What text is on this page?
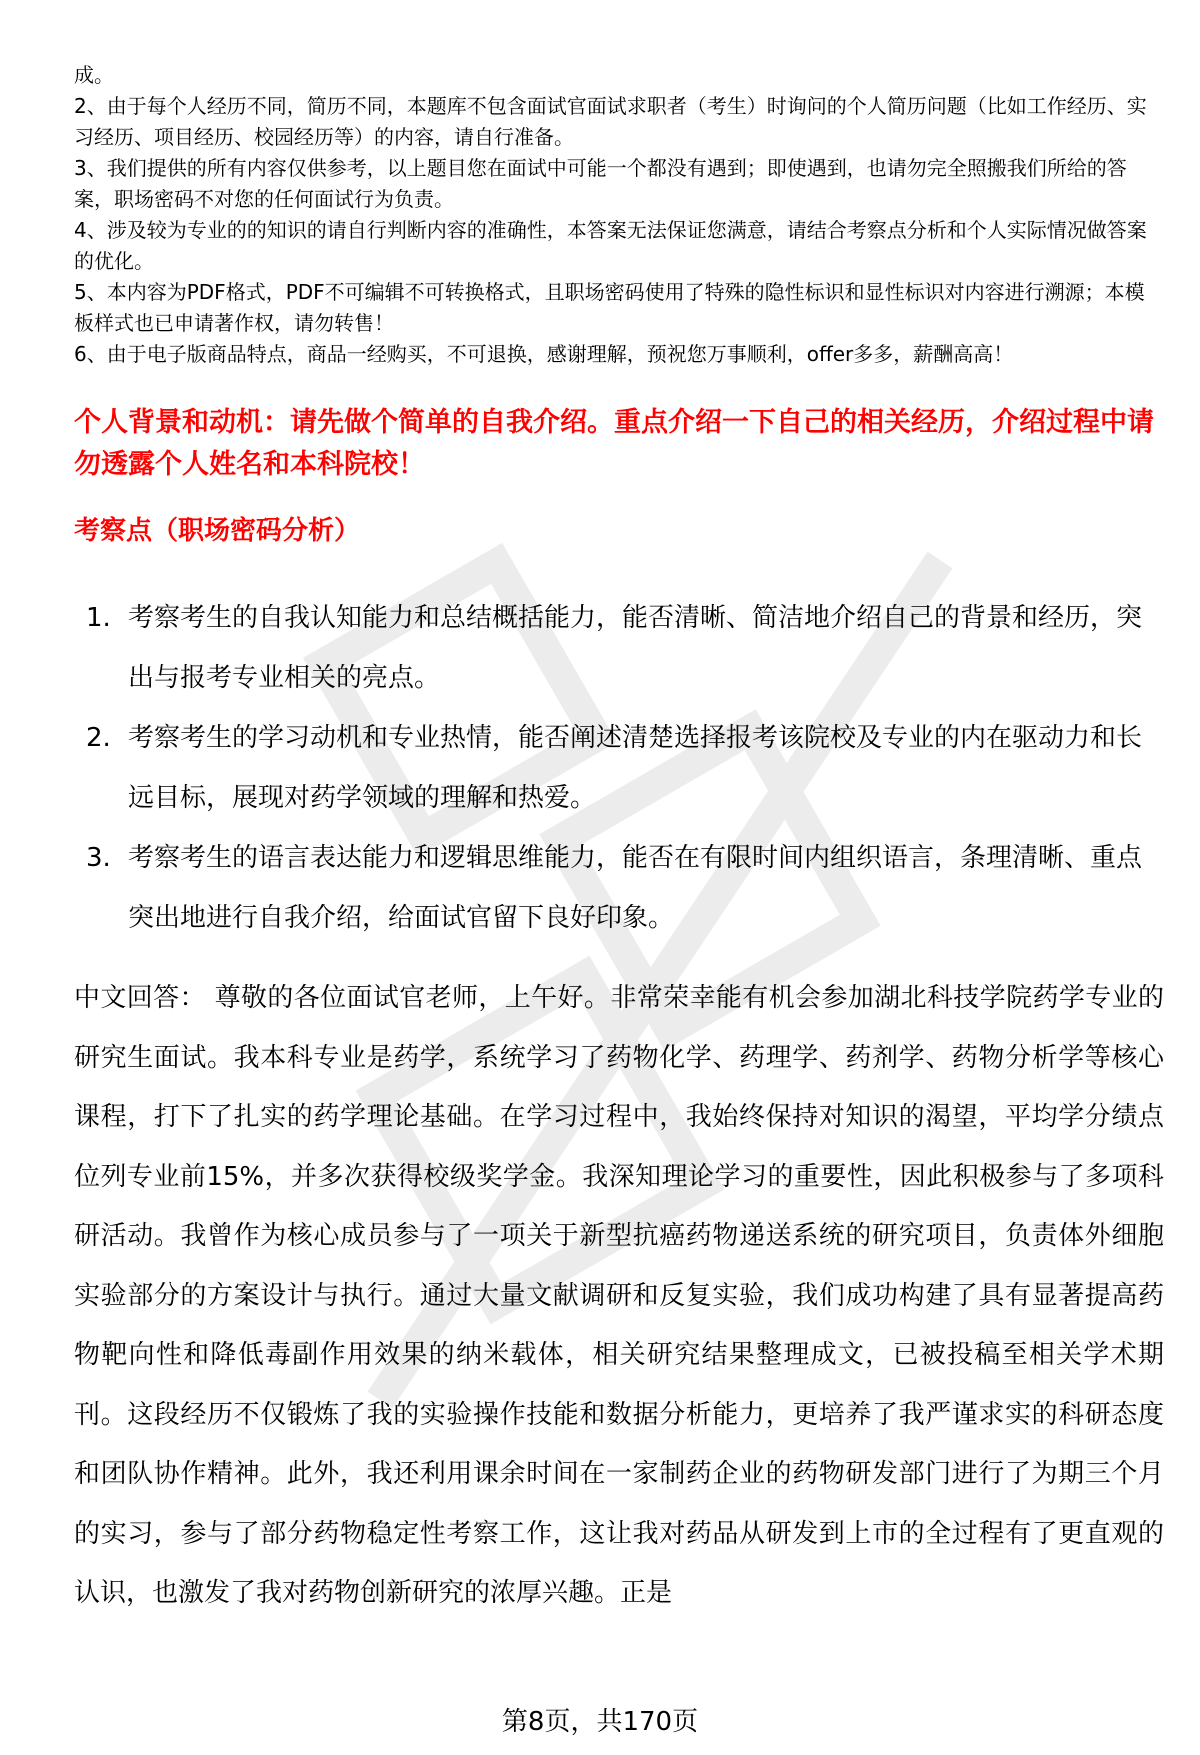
成。

2、由于每个人经历不同，简历不同，本题库不包含面试官面试求职者（考生）时询问的个人简历问题（比如工作经历、实习经历、项目经历、校园经历等）的内容，请自行准备。

3、我们提供的所有内容仅供参考，以上题目您在面试中可能一个都没有遇到；即使遇到，也请勿完全照搬我们所给的答案，职场密码不对您的任何面试行为负责。

4、涉及较为专业的的知识的请自行判断内容的准确性，本答案无法保证您满意，请结合考察点分析和个人实际情况做答案的优化。

5、本内容为PDF格式，PDF不可编辑不可转换格式，且职场密码使用了特殊的隐性标识和显性标识对内容进行溯源；本模板样式也已申请著作权，请勿转售！

6、由于电子版商品特点，商品一经购买，不可退换，感谢理解，预祝您万事顺利，offer多多，薪酬高高！

个人背景和动机：请先做个简单的自我介绍。重点介绍一下自己的相关经历，介绍过程中请勿透露个人姓名和本科院校！
考察点（职场密码分析）
1. 考察考生的自我认知能力和总结概括能力，能否清晰、简洁地介绍自己的背景和经历，突出与报考专业相关的亮点。
2. 考察考生的学习动机和专业热情，能否阐述清楚选择报考该院校及专业的内在驱动力和长远目标，展现对药学领域的理解和热爱。
3. 考察考生的语言表达能力和逻辑思维能力，能否在有限时间内组织语言，条理清晰、重点突出地进行自我介绍，给面试官留下良好印象。

中文回答： 尊敬的各位面试官老师，上午好。非常荣幸能有机会参加湖北科技学院药学专业的研究生面试。我本科专业是药学，系统学习了药物化学、药理学、药剂学、药物分析学等核心课程，打下了扎实的药学理论基础。在学习过程中，我始终保持对知识的渴望，平均学分绩点位列专业前15%，并多次获得校级奖学金。我深知理论学习的重要性，因此积极参与了多项科研活动。我曾作为核心成员参与了一项关于新型抗癌药物递送系统的研究项目，负责体外细胞实验部分的方案设计与执行。通过大量文献调研和反复实验，我们成功构建了具有显著提高药物靶向性和降低毒副作用效果的纳米载体，相关研究结果整理成文，已被投稿至相关学术期刊。这段经历不仅锻炼了我的实验操作技能和数据分析能力，更培养了我严谨求实的科研态度和团队协作精神。此外，我还利用课余时间在一家制药企业的药物研发部门进行了为期三个月的实习，参与了部分药物稳定性考察工作，这让我对药品从研发到上市的全过程有了更直观的认识，也激发了我对药物创新研究的浓厚兴趣。正是

第8页，共170页
